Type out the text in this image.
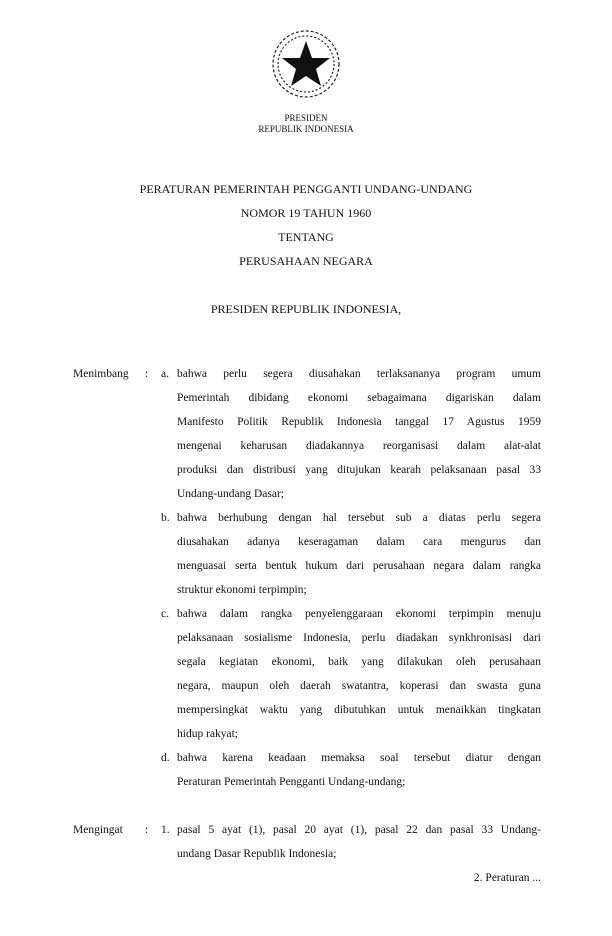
PRESIDEN
REPUBLIK INDONESIA
PERATURAN PEMERINTAH PENGGANTI UNDANG-UNDANG
NOMOR 19 TAHUN 1960
TENTANG
PERUSAHAAN NEGARA
PRESIDEN REPUBLIK INDONESIA,
Menimbang : a. bahwa perlu segera diusahakan terlaksananya program umum
Pemerintah dibidang ekonomi sebagaimana digariskan dalam
Manifesto Politik Republik Indonesia tanggal 17 Agustus 1959
mengenai keharusan diadakannya reorganisasi dalam alat-alat
produksi dan distribusi yang ditujukan kearah pelaksanaan pasal 33
Undang-undang Dasar;
b. bahwa berhubung dengan hal tersebut sub a diatas perlu segera
diusahakan adanya keseragaman dalam cara mengurus dan
menguasai serta bentuk hukum dari perusahaan negara dalam rangka
struktur ekonomi terpimpin;
c. bahwa dalam rangka penyelenggaraan ekonomi terpimpin menuju
pelaksanaan sosialisme Indonesia, perlu diadakan synkhronisasi dari
segala kegiatan ekonomi, baik yang dilakukan oleh perusahaan
negara, maupun oleh daerah swatantra, koperasi dan swasta guna
mempersingkat waktu yang dibutuhkan untuk menaikkan tingkatan
hidup rakyat;
d. bahwa karena keadaan memaksa soal tersebut diatur dengan
Peraturan Pemerintah Pengganti Undang-undang;
Mengingat : 1. pasal 5 ayat (1), pasal 20 ayat (1), pasal 22 dan pasal 33 Undang-
undang Dasar Republik Indonesia;
2. Peraturan ...
